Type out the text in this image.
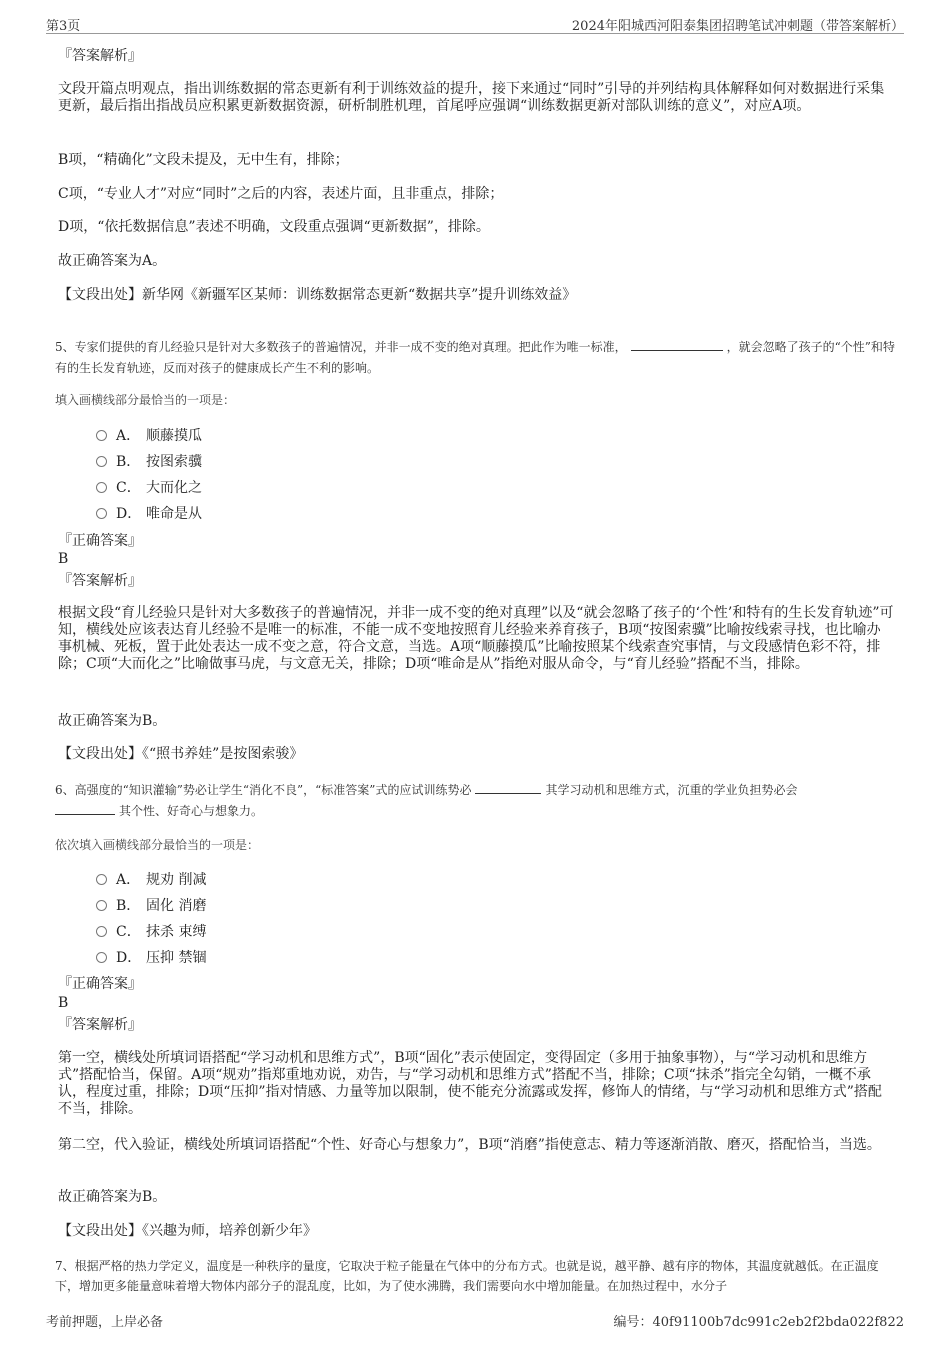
第3页	2024年阳城西河阳泰集团招聘笔试冲刺题（带答案解析）
『答案解析』
文段开篇点明观点，指出训练数据的常态更新有利于训练效益的提升，接下来通过“同时”引导的并列结构具体解释如何对数据进行采集更新，最后指出指战员应积累更新数据资源，研析制胜机理，首尾呼应强调“训练数据更新对部队训练的意义”，对应A项。
B项，“精确化”文段未提及，无中生有，排除；
C项，“专业人才”对应“同时”之后的内容，表述片面，且非重点，排除；
D项，“依托数据信息”表述不明确，文段重点强调“更新数据”，排除。
故正确答案为A。
【文段出处】新华网《新疆军区某师：训练数据常态更新“数据共享”提升训练效益》
5、专家们提供的育儿经验只是针对大多数孩子的普遍情况，并非一成不变的绝对真理。把此作为唯一标准，	，就会忽略了孩子的“个性”和特有的生长发育轨迹，反而对孩子的健康成长产生不利的影响。
填入画横线部分最恰当的一项是：
A． 顺藤摸瓜
B． 按图索骥
C． 大而化之
D． 唯命是从
『正确答案』
B
『答案解析』
根据文段“育儿经验只是针对大多数孩子的普遍情况，并非一成不变的绝对真理”以及“就会忽略了孩子的‘个性’和特有的生长发育轨迹”可知，横线处应该表达育儿经验不是唯一的标准，不能一成不变地按照育儿经验来养育孩子，B项“按图索骥”比喻按线索寻找，也比喻办事机械、死板，置于此处表达一成不变之意，符合文意，当选。A项“顺藤摸瓜”比喻按照某个线索查究事情，与文段感情色彩不符，排除；C项“大而化之”比喻做事马虎，与文意无关，排除；D项“唯命是从”指绝对服从命令，与“育儿经验”搭配不当，排除。
故正确答案为B。
【文段出处】《“照书养娃”是按图索骏》
6、高强度的“知识灌输”势必让学生“消化不良”，“标准答案”式的应试训练势必	其学习动机和思维方式，沉重的学业负担势必会
其个性、好奇心与想象力。
依次填入画横线部分最恰当的一项是：
A． 规劝 削减
B． 固化 消磨
C． 抹杀 束缚
D． 压抑 禁锢
『正确答案』
B
『答案解析』
第一空，横线处所填词语搭配“学习动机和思维方式”，B项“固化”表示使固定，变得固定（多用于抽象事物），与“学习动机和思维方式”搭配恰当，保留。A项“规劝”指郑重地劝说，劝告，与“学习动机和思维方式”搭配不当，排除；C项“抹杀”指完全勾销，一概不承认，程度过重，排除；D项“压抑”指对情感、力量等加以限制，使不能充分流露或发挥，修饰人的情绪，与“学习动机和思维方式”搭配不当，排除。
第二空，代入验证，横线处所填词语搭配“个性、好奇心与想象力”，B项“消磨”指使意志、精力等逐渐消散、磨灭，搭配恰当，当选。
故正确答案为B。
【文段出处】《兴趣为师，培养创新少年》
7、根据严格的热力学定义，温度是一种秩序的量度，它取决于粒子能量在气体中的分布方式。也就是说，越平静、越有序的物体，其温度就越低。在正温度下，增加更多能量意味着增大物体内部分子的混乱度，比如，为了使水沸腾，我们需要向水中增加能量。在加热过程中，水分子
考前押题，上岸必备	编号：40f91100b7dc991c2eb2f2bda022f822
